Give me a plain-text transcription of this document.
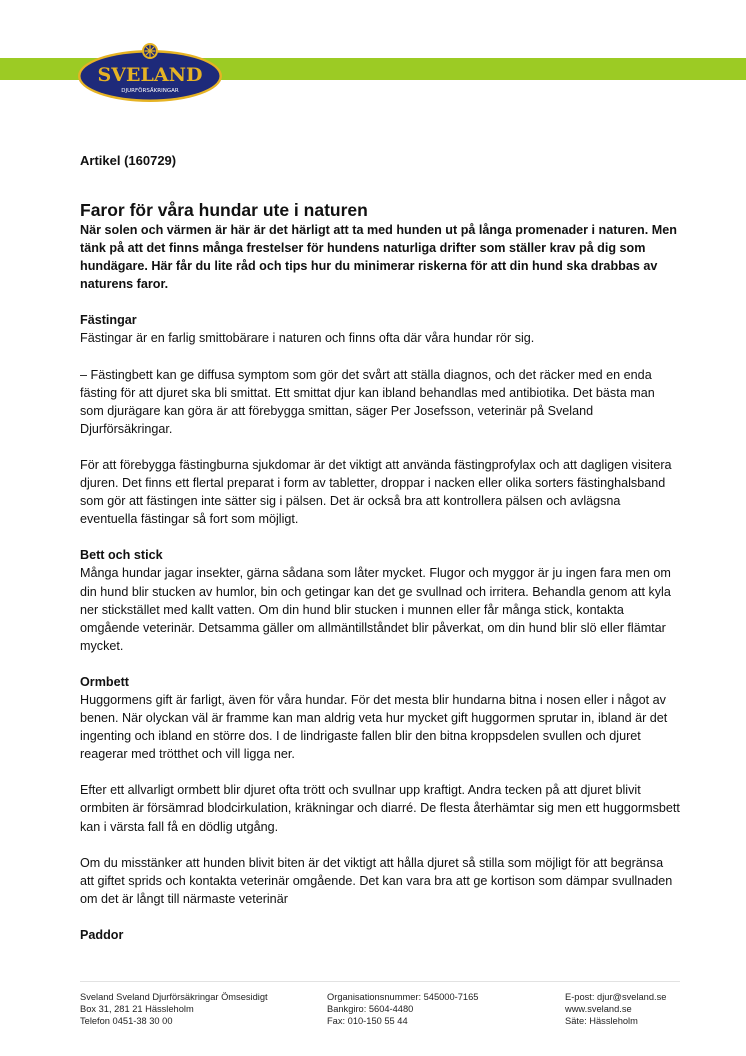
SVELAND
DJURFÖRSÄKRINGAR
Artikel (160729)
Faror för våra hundar ute i naturen
När solen och värmen är här är det härligt att ta med hunden ut på långa promenader i naturen. Men tänk på att det finns många frestelser för hundens naturliga drifter som ställer krav på dig som hundägare. Här får du lite råd och tips hur du minimerar riskerna för att din hund ska drabbas av naturens faror.
Fästingar
Fästingar är en farlig smittobärare i naturen och finns ofta där våra hundar rör sig.
– Fästingbett kan ge diffusa symptom som gör det svårt att ställa diagnos, och det räcker med en enda fästing för att djuret ska bli smittat. Ett smittat djur kan ibland behandlas med antibiotika. Det bästa man som djurägare kan göra är att förebygga smittan, säger Per Josefsson, veterinär på Sveland Djurförsäkringar.
För att förebygga fästingburna sjukdomar är det viktigt att använda fästingprofylax och att dagligen visitera djuren. Det finns ett flertal preparat i form av tabletter, droppar i nacken eller olika sorters fästinghalsband som gör att fästingen inte sätter sig i pälsen. Det är också bra att kontrollera pälsen och avlägsna eventuella fästingar så fort som möjligt.
Bett och stick
Många hundar jagar insekter, gärna sådana som låter mycket. Flugor och myggor är ju ingen fara men om din hund blir stucken av humlor, bin och getingar kan det ge svullnad och irritera. Behandla genom att kyla ner stickstället med kallt vatten. Om din hund blir stucken i munnen eller får många stick, kontakta omgående veterinär. Detsamma gäller om allmäntillståndet blir påverkat, om din hund blir slö eller flämtar mycket.
Ormbett
Huggormens gift är farligt, även för våra hundar. För det mesta blir hundarna bitna i nosen eller i något av benen. När olyckan väl är framme kan man aldrig veta hur mycket gift huggormen sprutar in, ibland är det ingenting och ibland en större dos. I de lindrigaste fallen blir den bitna kroppsdelen svullen och djuret reagerar med trötthet och vill ligga ner.
Efter ett allvarligt ormbett blir djuret ofta trött och svullnar upp kraftigt. Andra tecken på att djuret blivit ormbiten är försämrad blodcirkulation, kräkningar och diarré. De flesta återhämtar sig men ett huggormsbett kan i värsta fall få en dödlig utgång.
Om du misstänker att hunden blivit biten är det viktigt att hålla djuret så stilla som möjligt för att begränsa att giftet sprids och kontakta veterinär omgående. Det kan vara bra att ge kortison som dämpar svullnaden om det är långt till närmaste veterinär
Paddor
Sveland Sveland Djurförsäkringar Ömsesidigt
Box 31, 281 21 Hässleholm
Telefon 0451-38 30 00
Organisationsnummer: 545000-7165
Bankgiro: 5604-4480
Fax: 010-150 55 44
E-post: djur@sveland.se
www.sveland.se
Säte: Hässleholm
